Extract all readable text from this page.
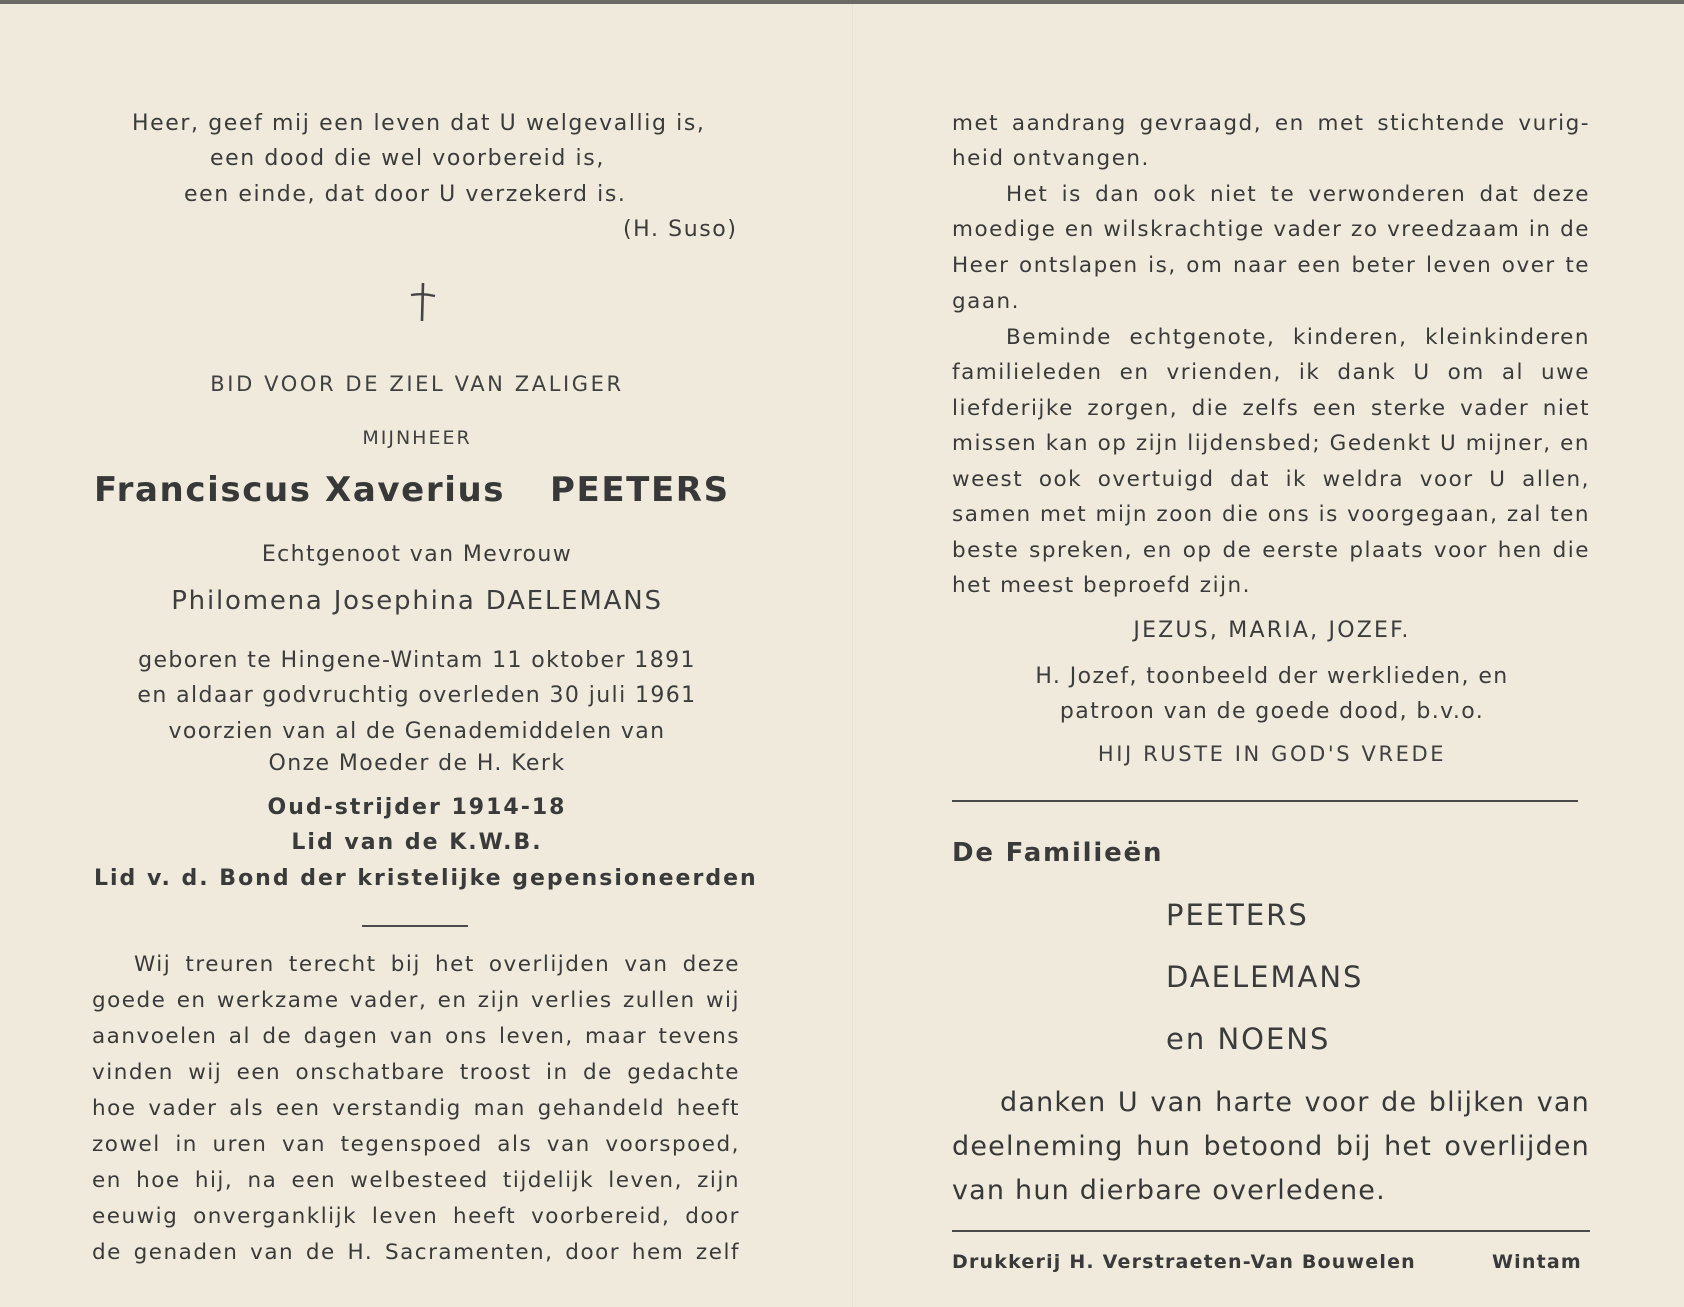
Heer, geef mij een leven dat U welgevallig is,
een dood die wel voorbereid is,
een einde, dat door U verzekerd is.
(H. Suso)
BID VOOR DE ZIEL VAN ZALIGER
MIJNHEER
Franciscus Xaverius PEETERS
Echtgenoot van Mevrouw
Philomena Josephina DAELEMANS
geboren te Hingene-Wintam 11 oktober 1891
en aldaar godvruchtig overleden 30 juli 1961
voorzien van al de Genademiddelen van
Onze Moeder de H. Kerk
Oud-strijder 1914-18
Lid van de K.W.B.
Lid v. d. Bond der kristelijke gepensioneerden
Wij treuren terecht bij het overlijden van deze
goede en werkzame vader, en zijn verlies zullen wij
aanvoelen al de dagen van ons leven, maar tevens
vinden wij een onschatbare troost in de gedachte
hoe vader als een verstandig man gehandeld heeft
zowel in uren van tegenspoed als van voorspoed,
en hoe hij, na een welbesteed tijdelijk leven, zijn
eeuwig onverganklijk leven heeft voorbereid, door
de genaden van de H. Sacramenten, door hem zelf
met aandrang gevraagd, en met stichtende vurig-
heid ontvangen.
Het is dan ook niet te verwonderen dat deze
moedige en wilskrachtige vader zo vreedzaam in de
Heer ontslapen is, om naar een beter leven over te
gaan.
Beminde echtgenote, kinderen, kleinkinderen
familieleden en vrienden, ik dank U om al uwe
liefderijke zorgen, die zelfs een sterke vader niet
missen kan op zijn lijdensbed; Gedenkt U mijner, en
weest ook overtuigd dat ik weldra voor U allen,
samen met mijn zoon die ons is voorgegaan, zal ten
beste spreken, en op de eerste plaats voor hen die
het meest beproefd zijn.
JEZUS, MARIA, JOZEF.
H. Jozef, toonbeeld der werklieden, en
patroon van de goede dood, b.v.o.
HIJ RUSTE IN GOD'S VREDE
De Familieën
PEETERS
DAELEMANS
en NOENS
danken U van harte voor de blijken van
deelneming hun betoond bij het overlijden
van hun dierbare overledene.
Drukkerij H. Verstraeten-Van Bouwelen	Wintam
